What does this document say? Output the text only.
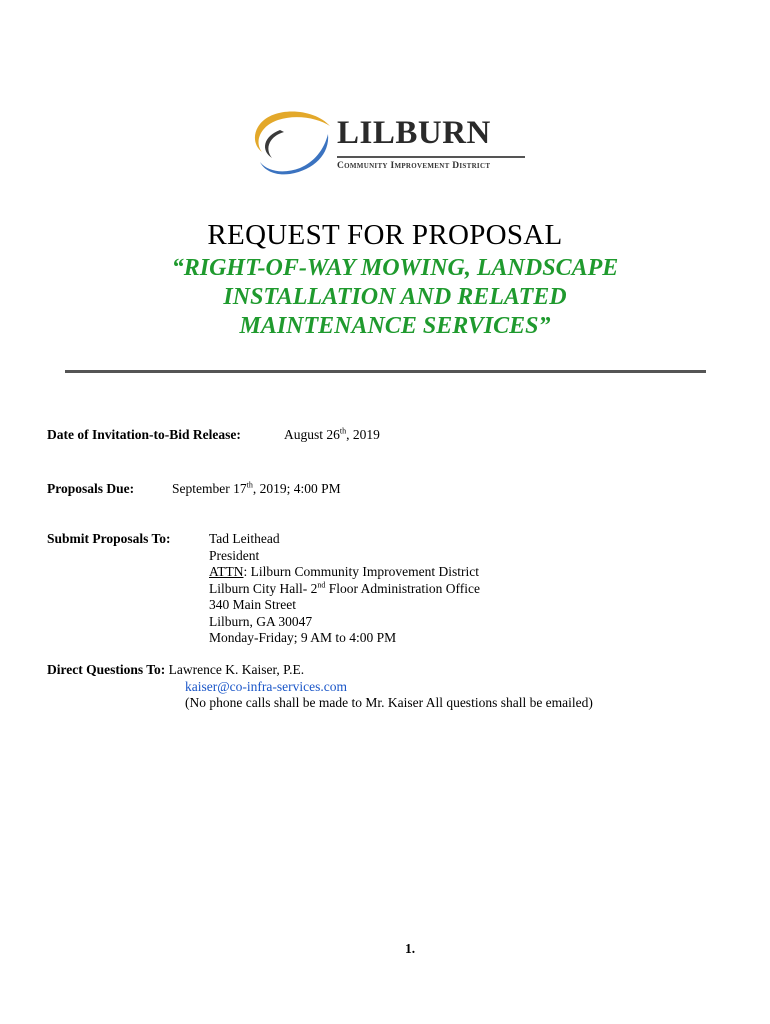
LILBURN
Community Improvement District
REQUEST FOR PROPOSAL
“RIGHT-OF-WAY MOWING, LANDSCAPE
INSTALLATION AND RELATED
MAINTENANCE SERVICES”
Date of Invitation-to-Bid Release:	August 26th, 2019
Proposals Due:	September 17th, 2019; 4:00 PM
Submit Proposals To:	Tad Leithead
President
ATTN: Lilburn Community Improvement District
Lilburn City Hall- 2nd Floor Administration Office
340 Main Street
Lilburn, GA 30047
Monday-Friday; 9 AM to 4:00 PM
Direct Questions To: Lawrence K. Kaiser, P.E.
kaiser@co-infra-services.com
(No phone calls shall be made to Mr. Kaiser All questions shall be emailed)
1.
